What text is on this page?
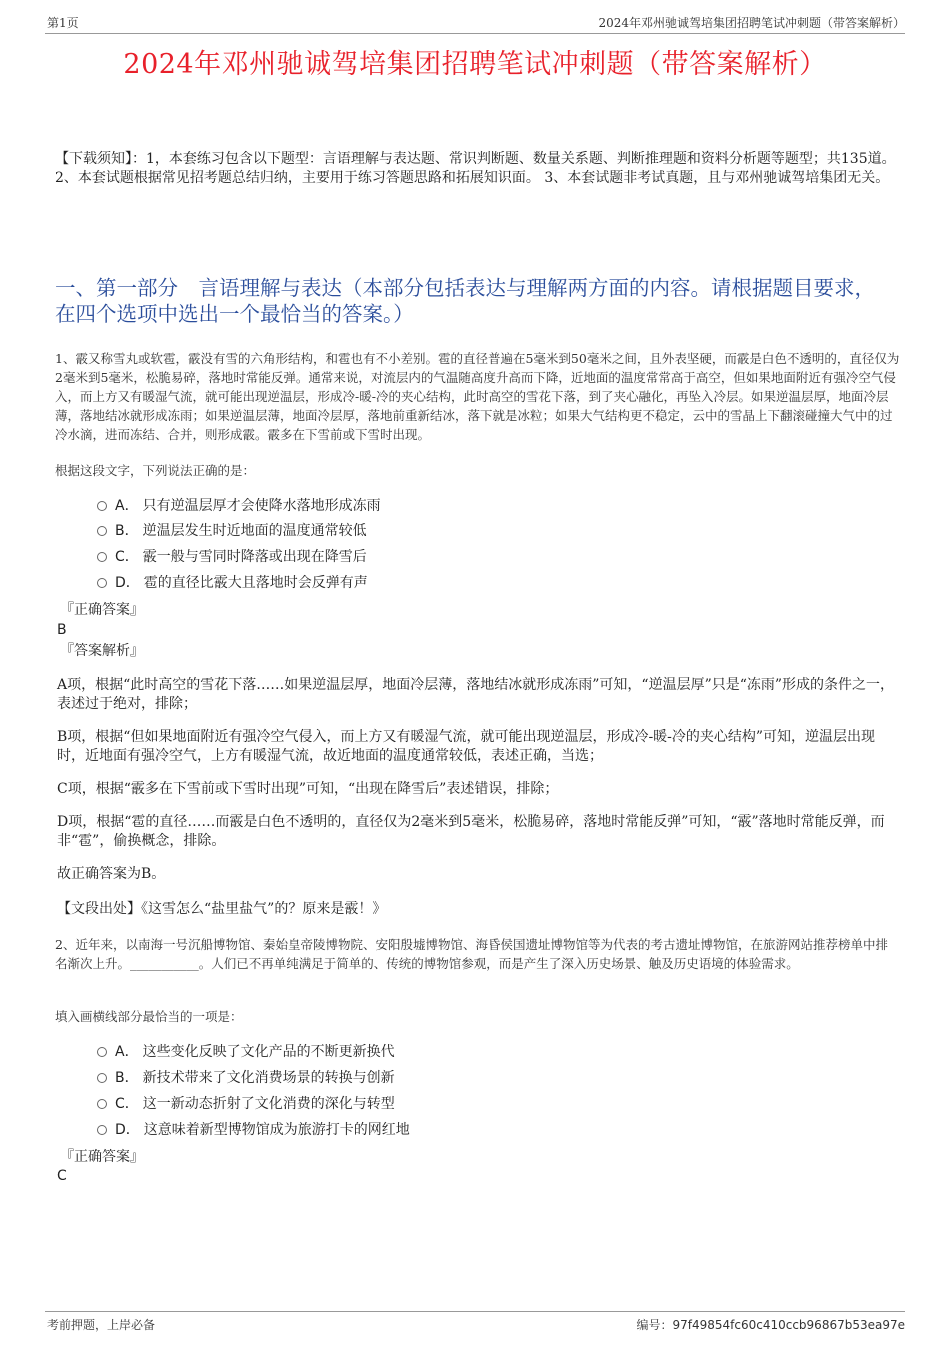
第1页	2024年邓州驰诚驾培集团招聘笔试冲刺题（带答案解析）
2024年邓州驰诚驾培集团招聘笔试冲刺题（带答案解析）
【下载须知】：1，本套练习包含以下题型：言语理解与表达题、常识判断题、数量关系题、判断推理题和资料分析题等题型；共135道。 2、本套试题根据常见招考题总结归纳，主要用于练习答题思路和拓展知识面。 3、本套试题非考试真题，且与邓州驰诚驾培集团无关。
一、第一部分　言语理解与表达（本部分包括表达与理解两方面的内容。请根据题目要求，在四个选项中选出一个最恰当的答案。）
1、霰又称雪丸或软雹，霰没有雪的六角形结构，和雹也有不小差别。雹的直径普遍在5毫米到50毫米之间，且外表坚硬，而霰是白色不透明的，直径仅为2毫米到5毫米，松脆易碎，落地时常能反弹。通常来说，对流层内的气温随高度升高而下降，近地面的温度常常高于高空，但如果地面附近有强冷空气侵入，而上方又有暖湿气流，就可能出现逆温层，形成冷-暖-冷的夹心结构，此时高空的雪花下落，到了夹心融化，再坠入冷层。如果逆温层厚，地面冷层薄，落地结冰就形成冻雨；如果逆温层薄，地面冷层厚，落地前重新结冰，落下就是冰粒；如果大气结构更不稳定，云中的雪晶上下翻滚碰撞大气中的过冷水滴，进而冻结、合并，则形成霰。霰多在下雪前或下雪时出现。
根据这段文字，下列说法正确的是：
A． 只有逆温层厚才会使降水落地形成冻雨
B． 逆温层发生时近地面的温度通常较低
C． 霰一般与雪同时降落或出现在降雪后
D． 雹的直径比霰大且落地时会反弹有声
『正确答案』
B
『答案解析』
A项，根据“此时高空的雪花下落……如果逆温层厚，地面冷层薄，落地结冰就形成冻雨”可知，“逆温层厚”只是“冻雨”形成的条件之一，表述过于绝对，排除；
B项，根据“但如果地面附近有强冷空气侵入，而上方又有暖湿气流，就可能出现逆温层，形成冷-暖-冷的夹心结构”可知，逆温层出现时，近地面有强冷空气，上方有暖湿气流，故近地面的温度通常较低，表述正确，当选；
C项，根据“霰多在下雪前或下雪时出现”可知，“出现在降雪后”表述错误，排除；
D项，根据“雹的直径……而霰是白色不透明的，直径仅为2毫米到5毫米，松脆易碎，落地时常能反弹”可知，“霰”落地时常能反弹，而非“雹”，偷换概念，排除。
故正确答案为B。
【文段出处】《这雪怎么“盐里盐气”的？原来是霰！》
2、近年来，以南海一号沉船博物馆、秦始皇帝陵博物院、安阳殷墟博物馆、海昏侯国遗址博物馆等为代表的考古遗址博物馆，在旅游网站推荐榜单中排名渐次上升。___________。人们已不再单纯满足于简单的、传统的博物馆参观，而是产生了深入历史场景、触及历史语境的体验需求。
填入画横线部分最恰当的一项是：
A． 这些变化反映了文化产品的不断更新换代
B． 新技术带来了文化消费场景的转换与创新
C． 这一新动态折射了文化消费的深化与转型
D． 这意味着新型博物馆成为旅游打卡的网红地
『正确答案』
C
考前押题，上岸必备	编号：97f49854fc60c410ccb96867b53ea97e
